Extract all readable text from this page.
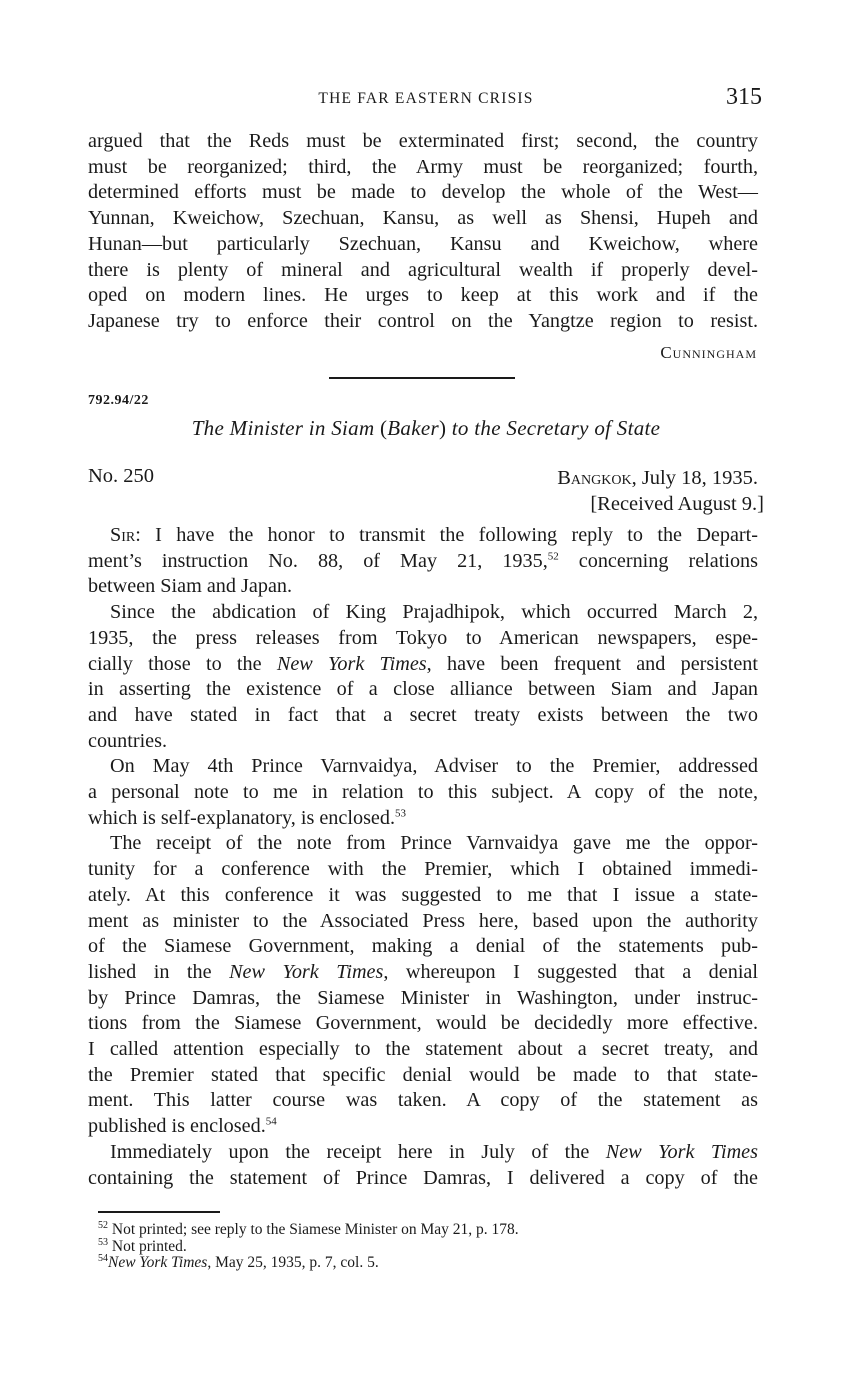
THE FAR EASTERN CRISIS	315

argued that the Reds must be exterminated first; second, the country
must be reorganized; third, the Army must be reorganized; fourth,
determined efforts must be made to develop the whole of the West—
Yunnan, Kweichow, Szechuan, Kansu, as well as Shensi, Hupeh and
Hunan—but particularly Szechuan, Kansu and Kweichow, where
there is plenty of mineral and agricultural wealth if properly devel-
oped on modern lines. He urges to keep at this work and if the
Japanese try to enforce their control on the Yangtze region to resist.

Cunningham
792.94/22
The Minister in Siam (Baker) to the Secretary of State
No. 250	Bangkok, July 18, 1935.
[Received August 9.]

Sir: I have the honor to transmit the following reply to the Depart-
ment’s instruction No. 88, of May 21, 1935,52 concerning relations
between Siam and Japan.

Since the abdication of King Prajadhipok, which occurred March 2,
1935, the press releases from Tokyo to American newspapers, espe-
cially those to the New York Times, have been frequent and persistent
in asserting the existence of a close alliance between Siam and Japan
and have stated in fact that a secret treaty exists between the two
countries.

On May 4th Prince Varnvaidya, Adviser to the Premier, addressed
a personal note to me in relation to this subject. A copy of the note,
which is self-explanatory, is enclosed.$^{53}$

The receipt of the note from Prince Varnvaidya gave me the oppor-
tunity for a conference with the Premier, which I obtained immedi-
ately. At this conference it was suggested to me that I issue a state-
ment as minister to the Associated Press here, based upon the authority
of the Siamese Government, making a denial of the statements pub-
lished in the New York Times, whereupon I suggested that a denial
by Prince Damras, the Siamese Minister in Washington, under instruc-
tions from the Siamese Government, would be decidedly more effective.
I called attention especially to the statement about a secret treaty, and
the Premier stated that specific denial would be made to that state-
ment. This latter course was taken. A copy of the statement as
published is enclosed.$^{54}$

Immediately upon the receipt here in July of the New York Times
containing the statement of Prince Damras, I delivered a copy of the

$^{52}$ Not printed; see reply to the Siamese Minister on May 21, p. 178.
$^{53}$ Not printed.
$^{54}$New York Times, May 25, 1935, p. 7, col. 5.
